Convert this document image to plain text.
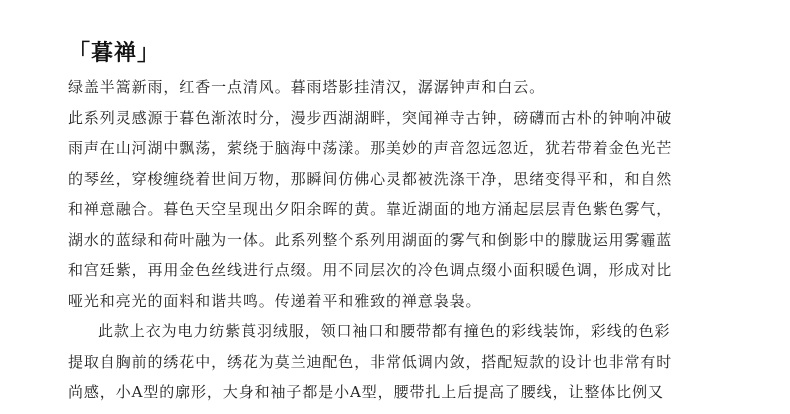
「暮禅」

绿盖半篙新雨，红香一点清风。暮雨塔影挂清汉，潺潺钟声和白云。

此系列灵感源于暮色渐浓时分，漫步西湖湖畔，突闻禅寺古钟，磅礴而古朴的钟响冲破
雨声在山河湖中飘荡，萦绕于脑海中荡漾。那美妙的声音忽远忽近，犹若带着金色光芒
的琴丝，穿梭缠绕着世间万物，那瞬间仿佛心灵都被洗涤干净，思绪变得平和，和自然
和禅意融合。暮色天空呈现出夕阳余晖的黄。靠近湖面的地方涌起层层青色紫色雾气，
湖水的蓝绿和荷叶融为一体。此系列整个系列用湖面的雾气和倒影中的朦胧运用雾霾蓝
和宫廷紫，再用金色丝线进行点缀。用不同层次的冷色调点缀小面积暖色调，形成对比
哑光和亮光的面料和谐共鸣。传递着平和雅致的禅意袅袅。

此款上衣为电力纺紫莨羽绒服，领口袖口和腰带都有撞色的彩线装饰，彩线的色彩
提取自胸前的绣花中，绣花为莫兰迪配色，非常低调内敛，搭配短款的设计也非常有时
尚感，小A型的廓形，大身和袖子都是小A型，腰带扎上后提高了腰线，让整体比例又
